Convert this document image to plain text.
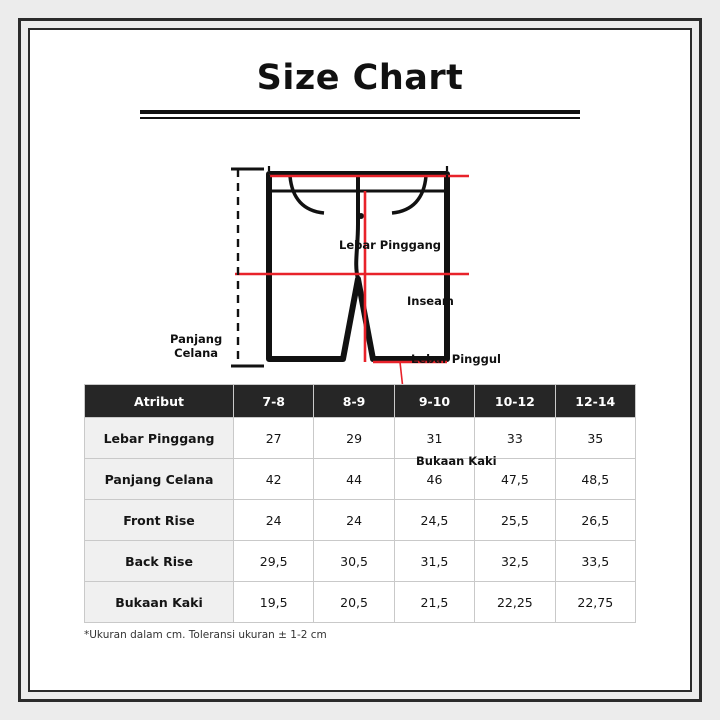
Size Chart
Lebar Pinggang
Inseam
Lebar Pinggul
Panjang
Celana
Bukaan Kaki
Atribut	7-8	8-9	9-10	10-12	12-14
Lebar Pinggang	27	29	31	33	35
Panjang Celana	42	44	46	47,5	48,5
Front Rise	24	24	24,5	25,5	26,5
Back Rise	29,5	30,5	31,5	32,5	33,5
Bukaan Kaki	19,5	20,5	21,5	22,25	22,75
*Ukuran dalam cm. Toleransi ukuran ± 1-2 cm
